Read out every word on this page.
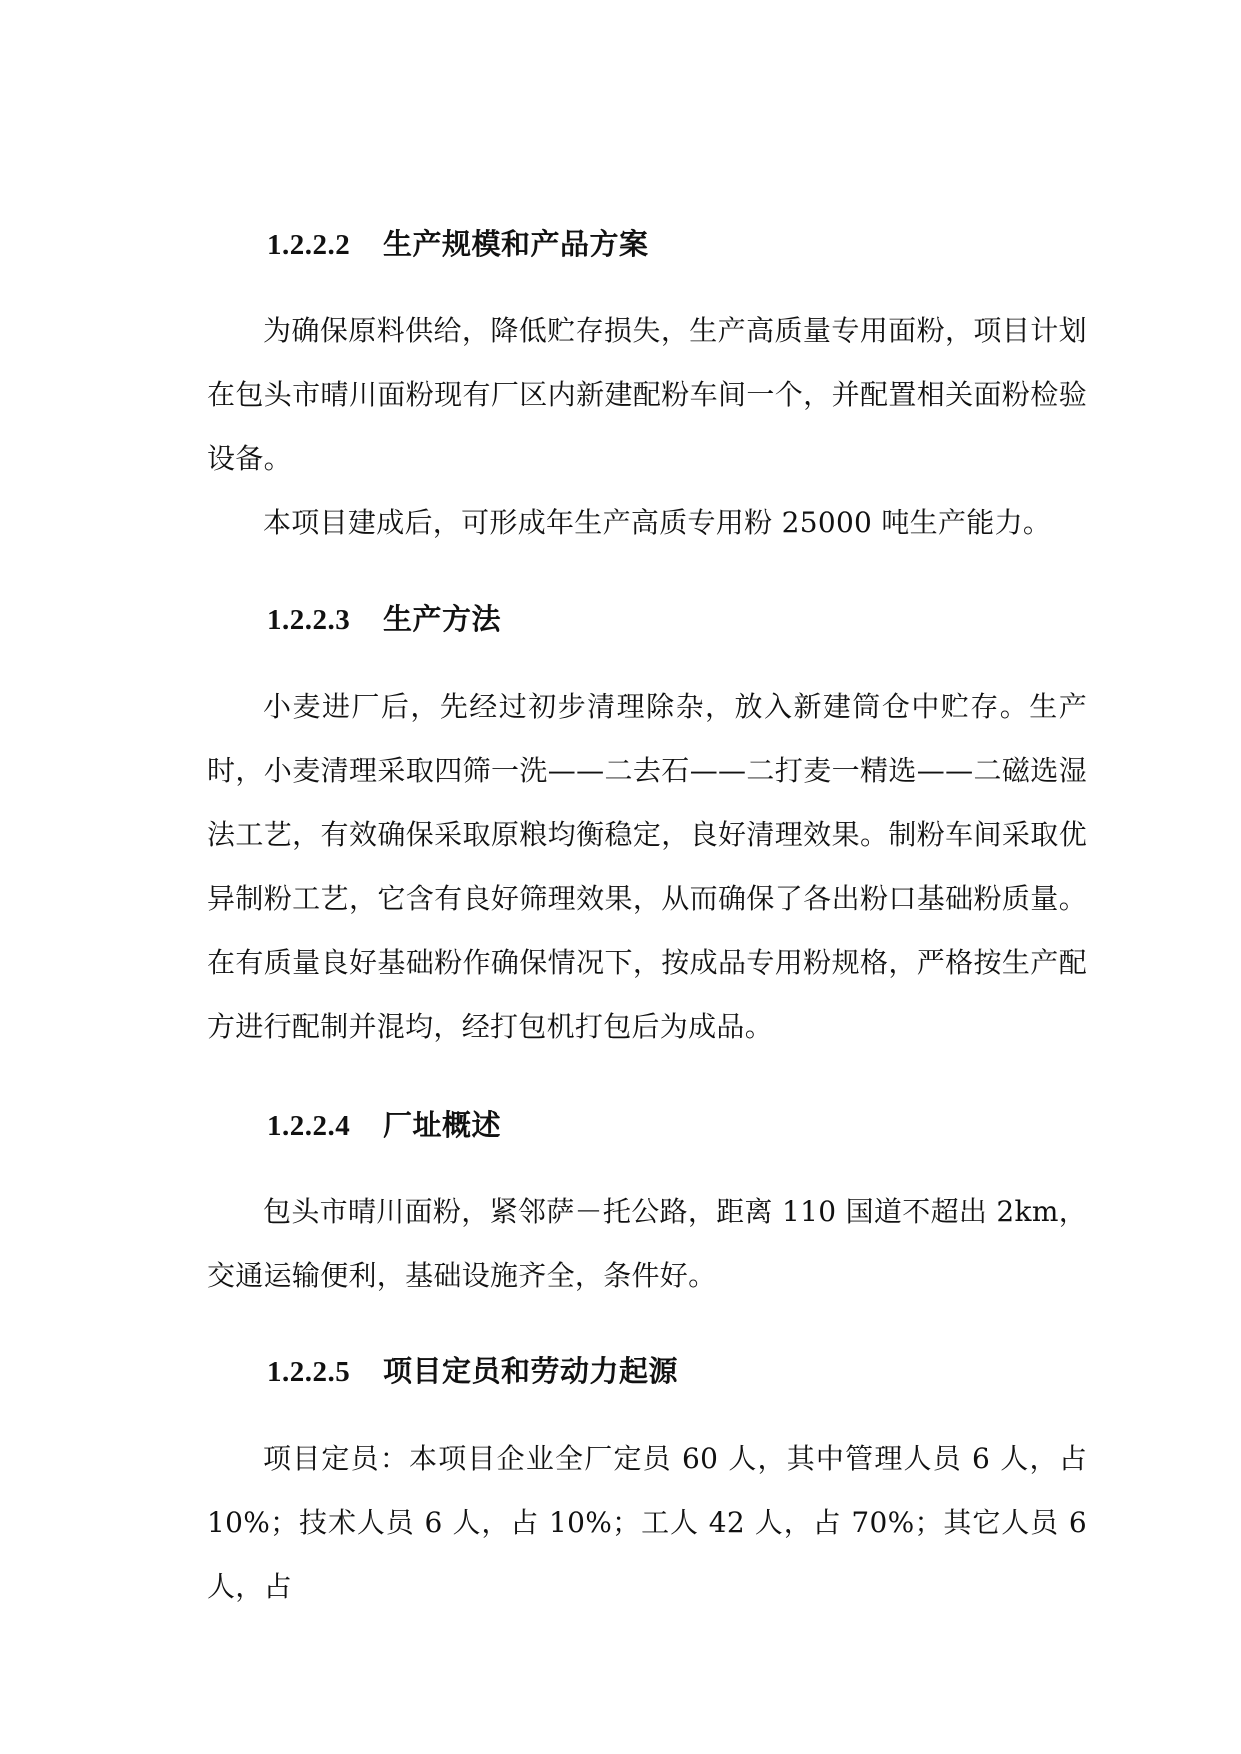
1.2.2.2 生产规模和产品方案

为确保原料供给，降低贮存损失，生产高质量专用面粉，项目计划在包头市晴川面粉现有厂区内新建配粉车间一个，并配置相关面粉检验设备。

本项目建成后，可形成年生产高质专用粉 25000 吨生产能力。

1.2.2.3 生产方法

小麦进厂后，先经过初步清理除杂，放入新建筒仓中贮存。生产时，小麦清理采取四筛一洗——二去石——二打麦一精选——二磁选湿法工艺，有效确保采取原粮均衡稳定，良好清理效果。制粉车间采取优异制粉工艺，它含有良好筛理效果，从而确保了各出粉口基础粉质量。在有质量良好基础粉作确保情况下，按成品专用粉规格，严格按生产配方进行配制并混均，经打包机打包后为成品。

1.2.2.4 厂址概述

包头市晴川面粉，紧邻萨－托公路，距离 110 国道不超出 2km，交通运输便利，基础设施齐全，条件好。

1.2.2.5 项目定员和劳动力起源

项目定员：本项目企业全厂定员 60 人，其中管理人员 6 人，占 10%；技术人员 6 人，占 10%；工人 42 人，占 70%；其它人员 6 人，占
